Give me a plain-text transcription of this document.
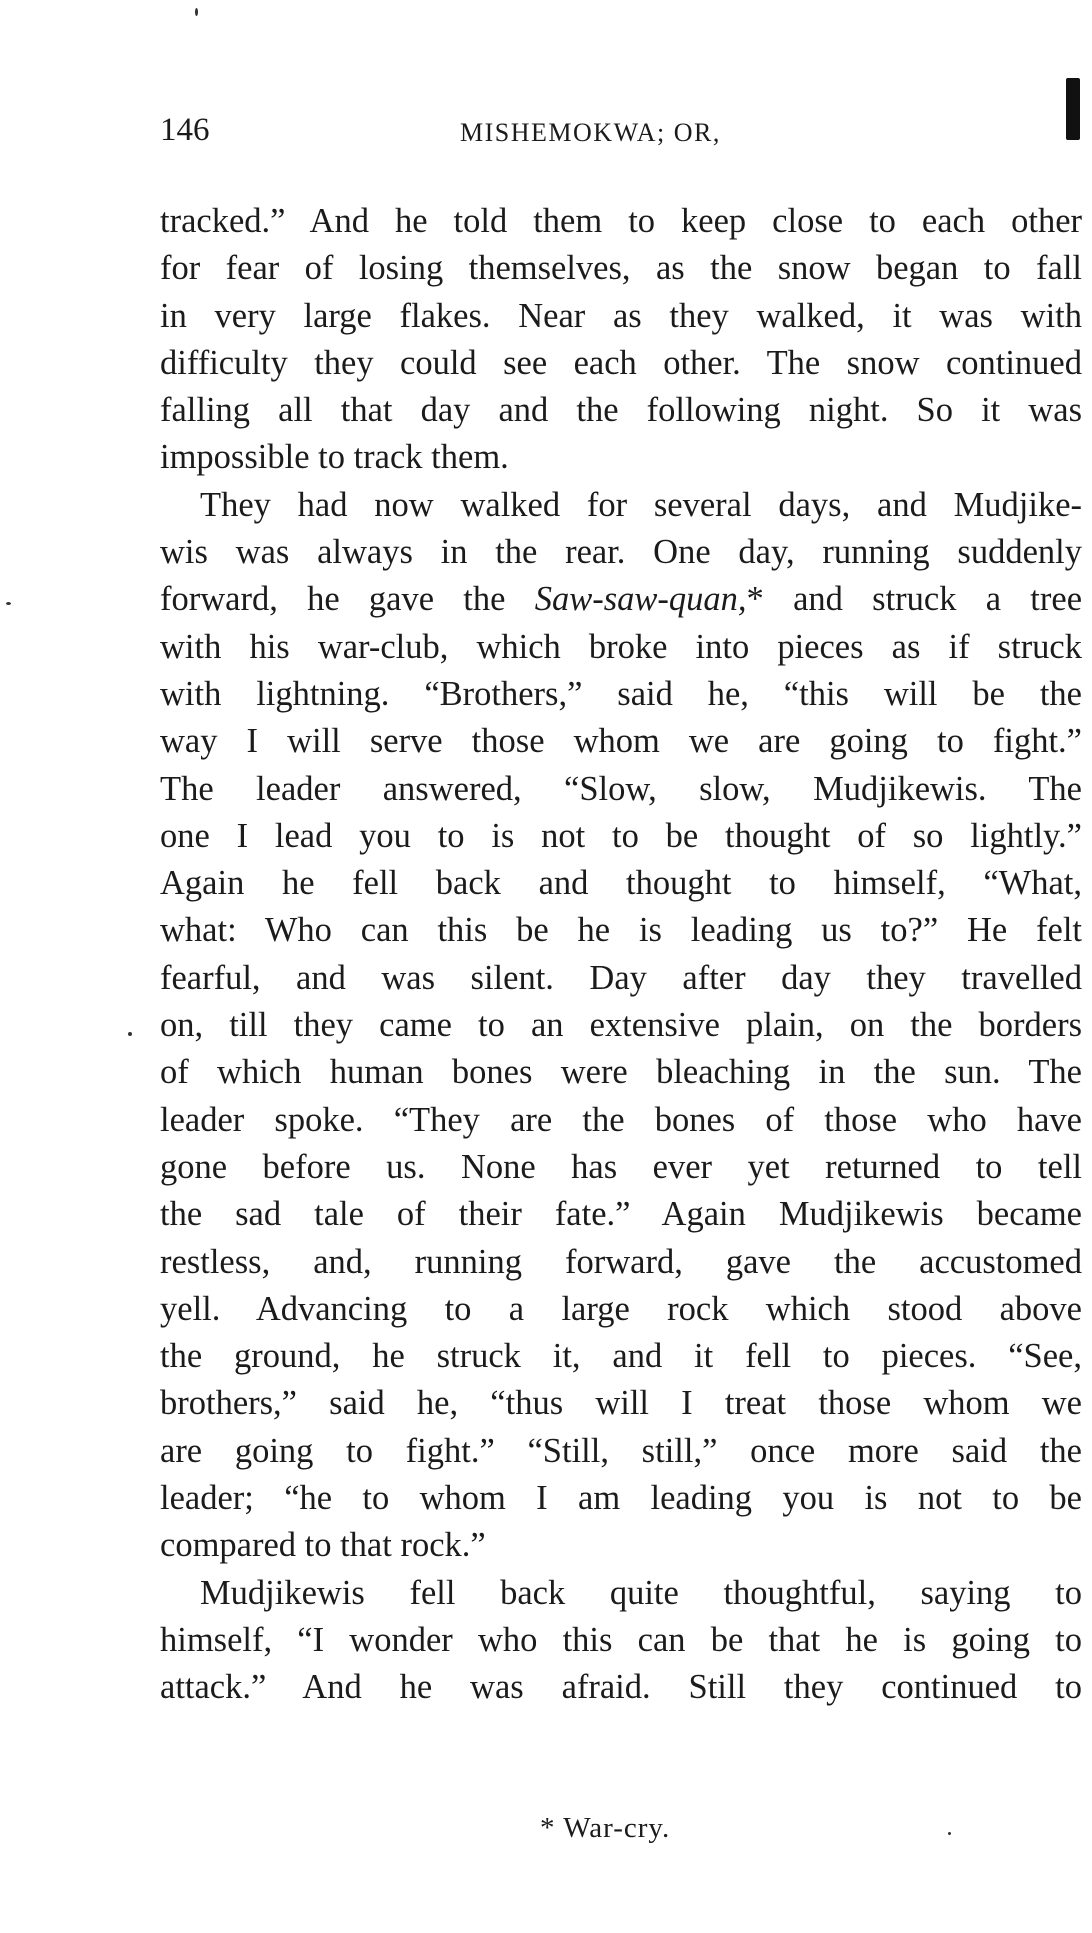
146	MISHEMOKWA; OR,

tracked.” And he told them to keep close to each other
for fear of losing themselves, as the snow began to fall
in very large flakes. Near as they walked, it was with
difficulty they could see each other. The snow continued
falling all that day and the following night. So it was
impossible to track them.

They had now walked for several days, and Mudjike-
wis was always in the rear. One day, running suddenly
forward, he gave the Saw-saw-quan,* and struck a tree
with his war-club, which broke into pieces as if struck
with lightning. “Brothers,” said he, “this will be the
way I will serve those whom we are going to fight.”
The leader answered, “Slow, slow, Mudjikewis. The
one I lead you to is not to be thought of so lightly.”
Again he fell back and thought to himself, “What,
what: Who can this be he is leading us to?” He felt
fearful, and was silent. Day after day they travelled
on, till they came to an extensive plain, on the borders
of which human bones were bleaching in the sun. The
leader spoke. “They are the bones of those who have
gone before us. None has ever yet returned to tell
the sad tale of their fate.” Again Mudjikewis became
restless, and, running forward, gave the accustomed
yell. Advancing to a large rock which stood above
the ground, he struck it, and it fell to pieces. “See,
brothers,” said he, “thus will I treat those whom we
are going to fight.” “Still, still,” once more said the
leader; “he to whom I am leading you is not to be
compared to that rock.”

Mudjikewis fell back quite thoughtful, saying to
himself, “I wonder who this can be that he is going to
attack.” And he was afraid. Still they continued to

* War-cry.
